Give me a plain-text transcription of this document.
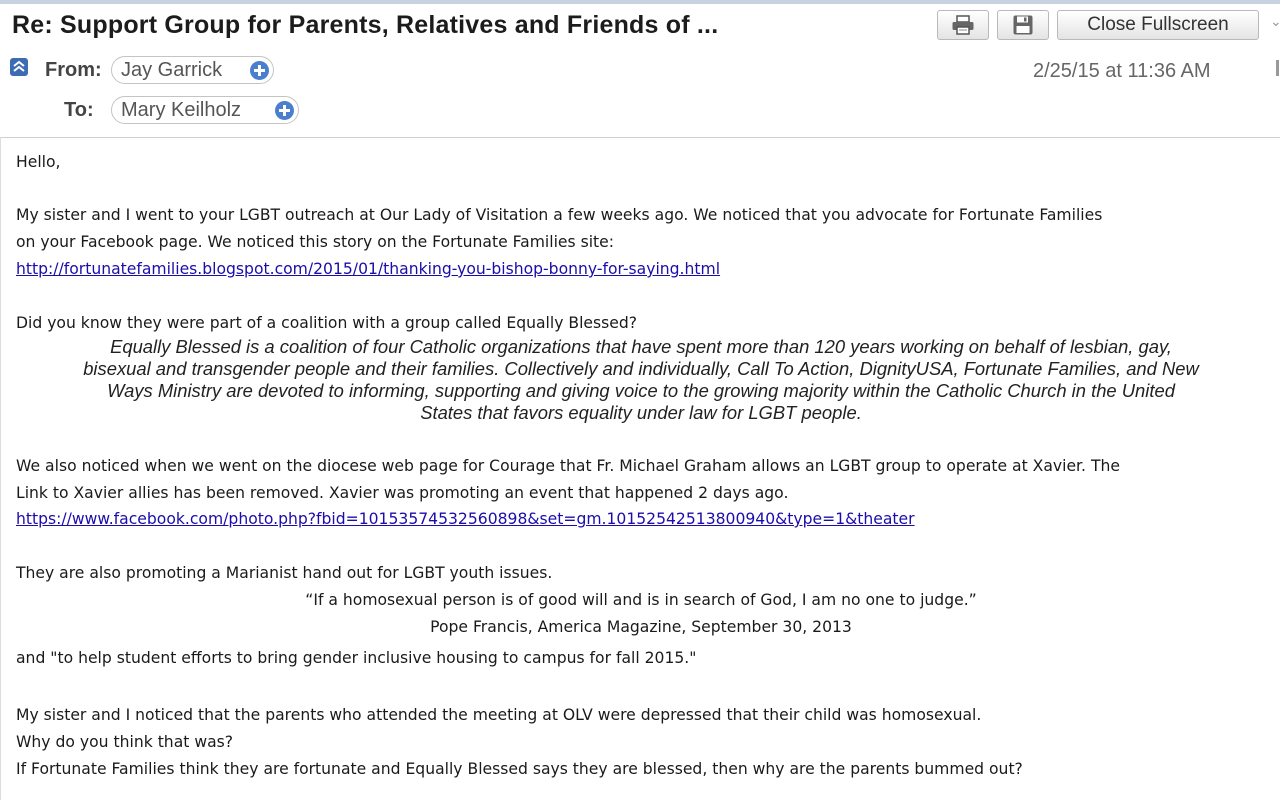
Re: Support Group for Parents, Relatives and Friends of ...	Close Fullscreen	⌄
From: Jay Garrick	2/25/15 at 11:36 AM
To: Mary Keilholz
Hello,
My sister and I went to your LGBT outreach at Our Lady of Visitation a few weeks ago. We noticed that you advocate for Fortunate Families
on your Facebook page. We noticed this story on the Fortunate Families site:
http://fortunatefamilies.blogspot.com/2015/01/thanking-you-bishop-bonny-for-saying.html
Did you know they were part of a coalition with a group called Equally Blessed?
Equally Blessed is a coalition of four Catholic organizations that have spent more than 120 years working on behalf of lesbian, gay,
bisexual and transgender people and their families. Collectively and individually, Call To Action, DignityUSA, Fortunate Families, and New
Ways Ministry are devoted to informing, supporting and giving voice to the growing majority within the Catholic Church in the United
States that favors equality under law for LGBT people.
We also noticed when we went on the diocese web page for Courage that Fr. Michael Graham allows an LGBT group to operate at Xavier. The
Link to Xavier allies has been removed. Xavier was promoting an event that happened 2 days ago.
https://www.facebook.com/photo.php?fbid=10153574532560898&set=gm.10152542513800940&type=1&theater
They are also promoting a Marianist hand out for LGBT youth issues.
“If a homosexual person is of good will and is in search of God, I am no one to judge.”
Pope Francis, America Magazine, September 30, 2013
and "to help student efforts to bring gender inclusive housing to campus for fall 2015."
My sister and I noticed that the parents who attended the meeting at OLV were depressed that their child was homosexual.
Why do you think that was?
If Fortunate Families think they are fortunate and Equally Blessed says they are blessed, then why are the parents bummed out?
